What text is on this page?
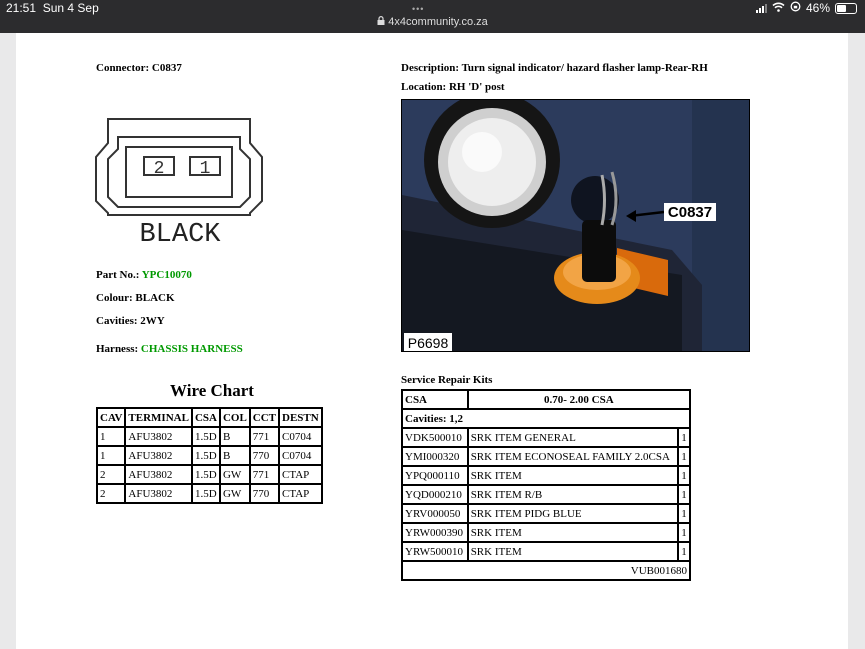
21:51 Sun 4 Sep	•••	46%
4x4community.co.za
Connector: C0837	Description: Turn signal indicator/ hazard flasher lamp-Rear-RH
Location: RH 'D' post
2 1
BLACK
C0837
P6698
Part No.: YPC10070
Colour: BLACK
Cavities: 2WY
Harness: CHASSIS HARNESS
Wire Chart
CAV	TERMINAL	CSA	COL	CCT	DESTN
1	AFU3802	1.5D	B	771	C0704
1	AFU3802	1.5D	B	770	C0704
2	AFU3802	1.5D	GW	771	CTAP
2	AFU3802	1.5D	GW	770	CTAP
Service Repair Kits
CSA	0.70- 2.00 CSA	
Cavities: 1,2		
VDK500010	SRK ITEM GENERAL	1
YMI000320	SRK ITEM ECONOSEAL FAMILY 2.0CSA	1
YPQ000110	SRK ITEM	1
YQD000210	SRK ITEM R/B	1
YRV000050	SRK ITEM PIDG BLUE	1
YRW000390	SRK ITEM	1
YRW500010	SRK ITEM	1
VUB001680		
